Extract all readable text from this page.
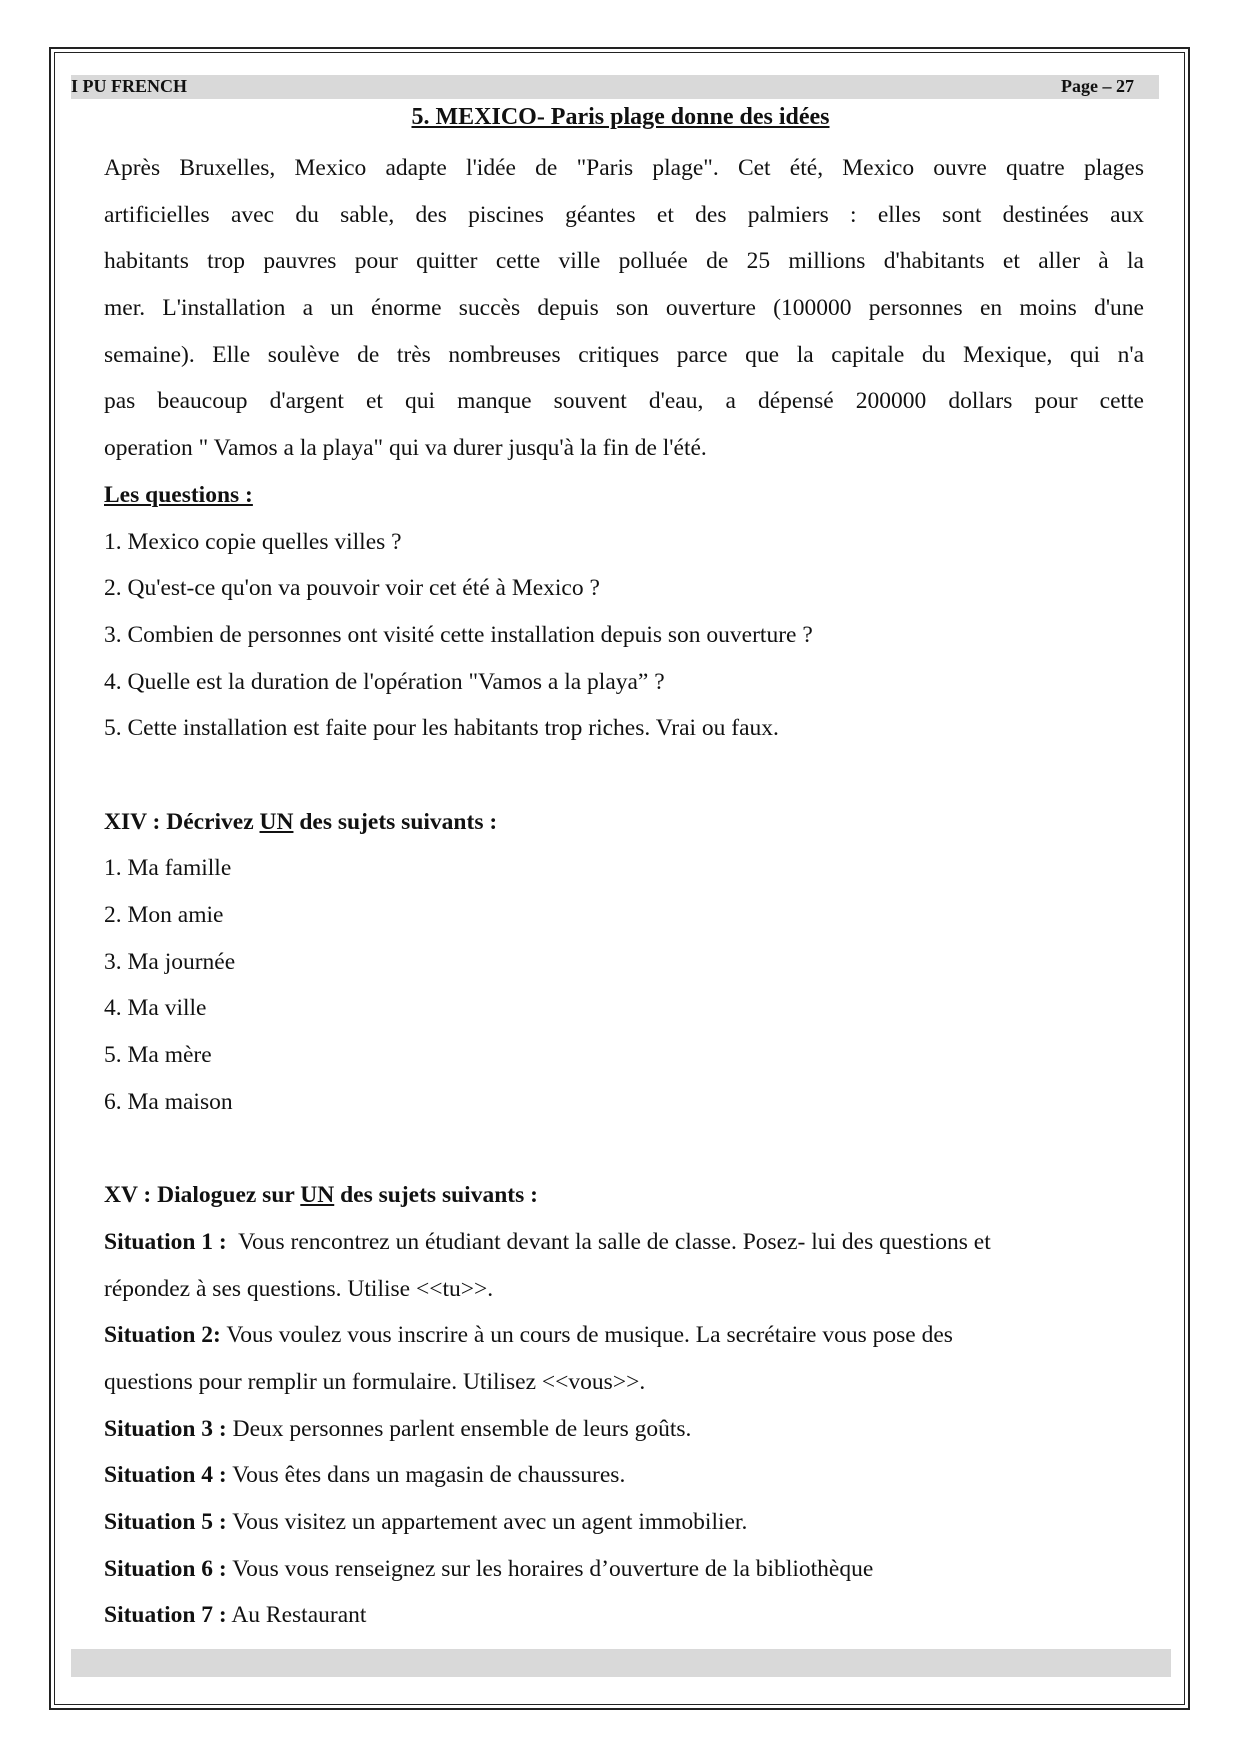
I PU FRENCH	Page – 27
5. MEXICO- Paris plage donne des idées
Après Bruxelles, Mexico adapte l'idée de "Paris plage". Cet été, Mexico ouvre quatre plages
artificielles avec du sable, des piscines géantes et des palmiers : elles sont destinées aux
habitants trop pauvres pour quitter cette ville polluée de 25 millions d'habitants et aller à la
mer. L'installation a un énorme succès depuis son ouverture (100000 personnes en moins d'une
semaine). Elle soulève de très nombreuses critiques parce que la capitale du Mexique, qui n'a
pas beaucoup d'argent et qui manque souvent d'eau, a dépensé 200000 dollars pour cette
operation " Vamos a la playa" qui va durer jusqu'à la fin de l'été.
Les questions :
1. Mexico copie quelles villes ?
2. Qu'est-ce qu'on va pouvoir voir cet été à Mexico ?
3. Combien de personnes ont visité cette installation depuis son ouverture ?
4. Quelle est la duration de l'opération "Vamos a la playa” ?
5. Cette installation est faite pour les habitants trop riches. Vrai ou faux.
XIV : Décrivez UN des sujets suivants :
1. Ma famille
2. Mon amie
3. Ma journée
4. Ma ville
5. Ma mère
6. Ma maison
XV : Dialoguez sur UN des sujets suivants :
Situation 1 :  Vous rencontrez un étudiant devant la salle de classe. Posez- lui des questions et
répondez à ses questions. Utilise <<tu>>.
Situation 2: Vous voulez vous inscrire à un cours de musique. La secrétaire vous pose des
questions pour remplir un formulaire. Utilisez <<vous>>.
Situation 3 : Deux personnes parlent ensemble de leurs goûts.
Situation 4 : Vous êtes dans un magasin de chaussures.
Situation 5 : Vous visitez un appartement avec un agent immobilier.
Situation 6 : Vous vous renseignez sur les horaires d’ouverture de la bibliothèque
Situation 7 : Au Restaurant
